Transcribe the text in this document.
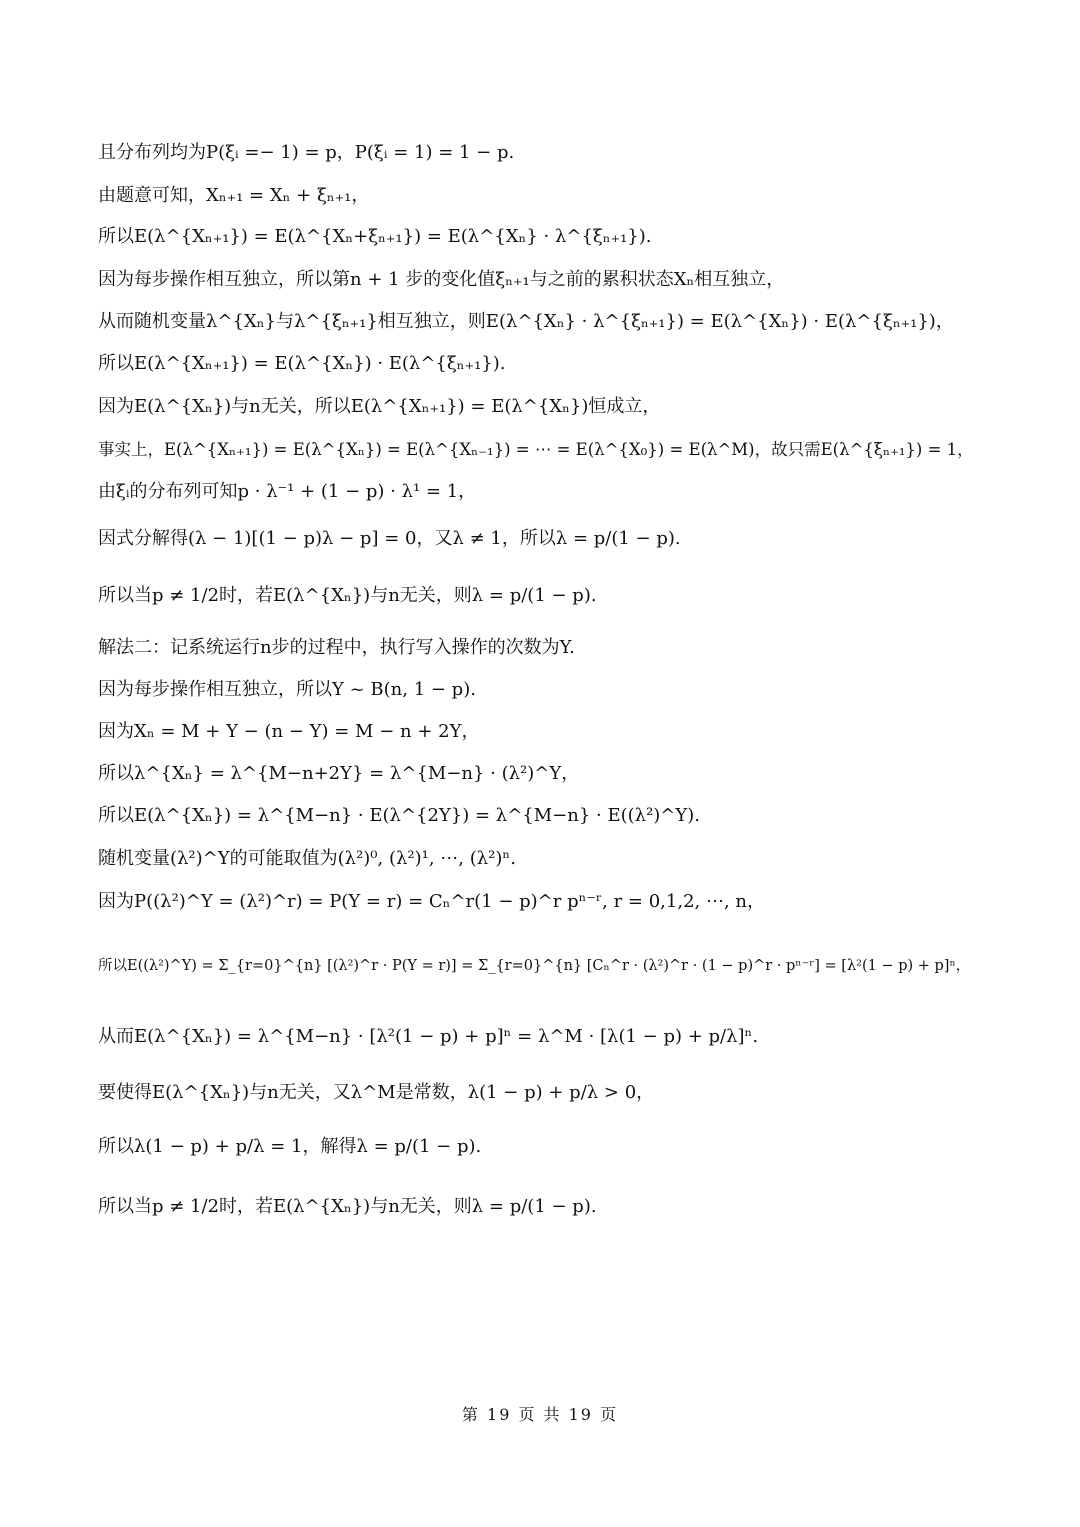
且分布列均为P(ξᵢ =− 1) = p，P(ξᵢ = 1) = 1 − p.
由题意可知，Xₙ₊₁ = Xₙ + ξₙ₊₁，
所以E(λ^{Xₙ₊₁}) = E(λ^{Xₙ+ξₙ₊₁}) = E(λ^{Xₙ} · λ^{ξₙ₊₁}).
因为每步操作相互独立，所以第n + 1 步的变化值ξₙ₊₁与之前的累积状态Xₙ相互独立，
从而随机变量λ^{Xₙ}与λ^{ξₙ₊₁}相互独立，则E(λ^{Xₙ} · λ^{ξₙ₊₁}) = E(λ^{Xₙ}) · E(λ^{ξₙ₊₁})，
所以E(λ^{Xₙ₊₁}) = E(λ^{Xₙ}) · E(λ^{ξₙ₊₁}).
因为E(λ^{Xₙ})与n无关，所以E(λ^{Xₙ₊₁}) = E(λ^{Xₙ})恒成立，
事实上，E(λ^{Xₙ₊₁}) = E(λ^{Xₙ}) = E(λ^{Xₙ₋₁}) = ⋯ = E(λ^{X₀}) = E(λ^M)，故只需E(λ^{ξₙ₊₁}) = 1，
由ξᵢ的分布列可知p · λ⁻¹ + (1 − p) · λ¹ = 1，
因式分解得(λ − 1)[(1 − p)λ − p] = 0，又λ ≠ 1，所以λ = p/(1 − p).
所以当p ≠ 1/2时，若E(λ^{Xₙ})与n无关，则λ = p/(1 − p).
解法二：记系统运行n步的过程中，执行写入操作的次数为Y.
因为每步操作相互独立，所以Y ~ B(n, 1 − p).
因为Xₙ = M + Y − (n − Y) = M − n + 2Y，
所以λ^{Xₙ} = λ^{M−n+2Y} = λ^{M−n} · (λ²)^Y，
所以E(λ^{Xₙ}) = λ^{M−n} · E(λ^{2Y}) = λ^{M−n} · E((λ²)^Y).
随机变量(λ²)^Y的可能取值为(λ²)⁰, (λ²)¹, ⋯, (λ²)ⁿ.
因为P((λ²)^Y = (λ²)^r) = P(Y = r) = Cₙ^r(1 − p)^r pⁿ⁻ʳ, r = 0,1,2, ⋯, n，
所以E((λ²)^Y) = Σ_{r=0}^{n} [(λ²)^r · P(Y = r)] = Σ_{r=0}^{n} [Cₙ^r · (λ²)^r · (1 − p)^r · pⁿ⁻ʳ] = [λ²(1 − p) + p]ⁿ，
从而E(λ^{Xₙ}) = λ^{M−n} · [λ²(1 − p) + p]ⁿ = λ^M · [λ(1 − p) + p/λ]ⁿ.
要使得E(λ^{Xₙ})与n无关，又λ^M是常数，λ(1 − p) + p/λ > 0，
所以λ(1 − p) + p/λ = 1，解得λ = p/(1 − p).
所以当p ≠ 1/2时，若E(λ^{Xₙ})与n无关，则λ = p/(1 − p).
第 19 页 共 19 页
